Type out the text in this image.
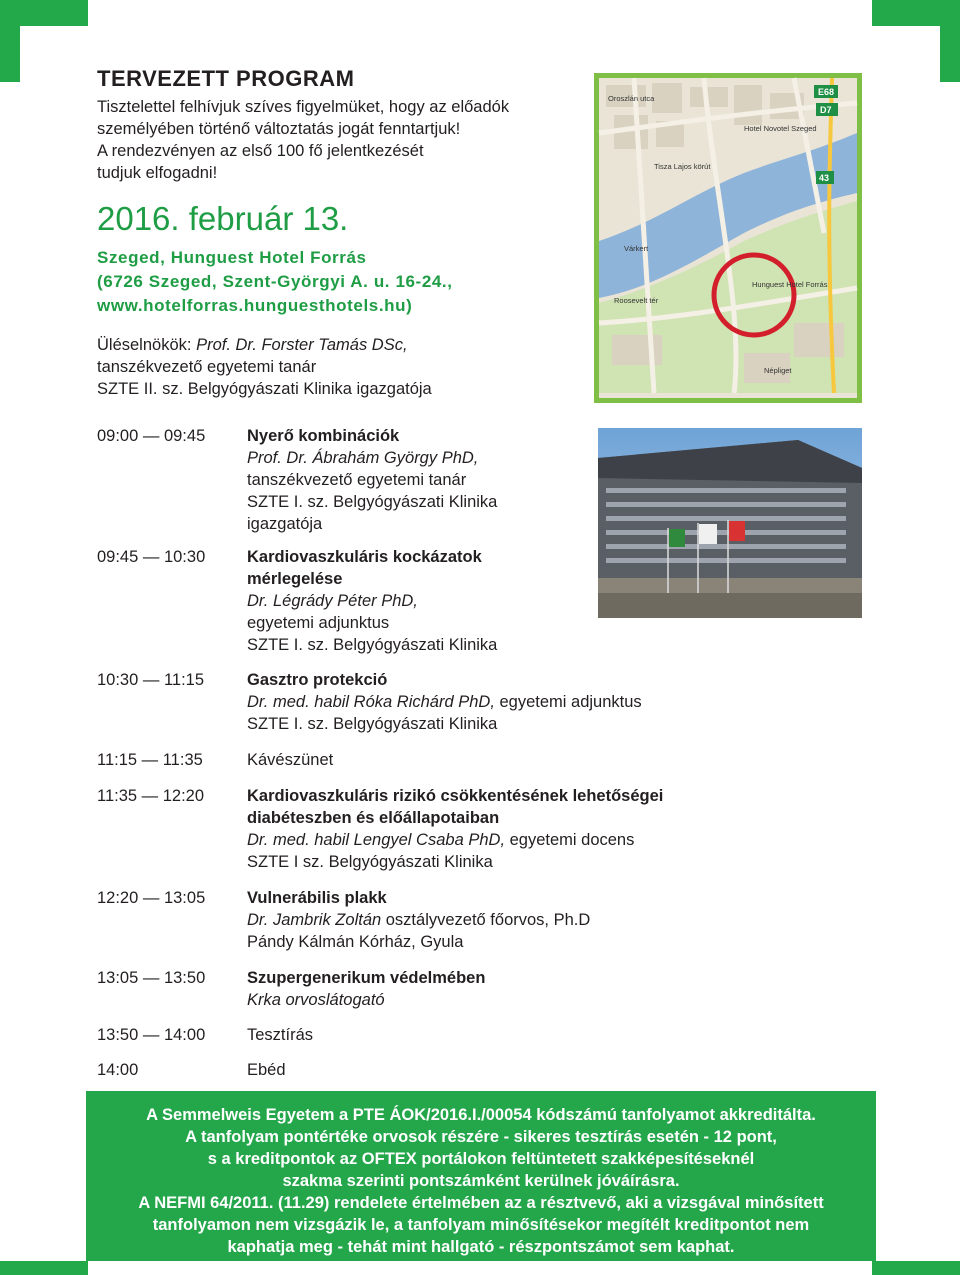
TERVEZETT PROGRAM
Tisztelettel felhívjuk szíves figyelmüket, hogy az előadók
személyében történő változtatás jogát fenntartjuk!
A rendezvényen az első 100 fő jelentkezését
tudjuk elfogadni!
2016. február 13.
Szeged, Hunguest Hotel Forrás
(6726 Szeged, Szent-Györgyi A. u. 16-24.,
www.hotelforras.hunguesthotels.hu)
Üléselnökök: Prof. Dr. Forster Tamás DSc,
tanszékvezető egyetemi tanár
SZTE II. sz. Belgyógyászati Klinika igazgatója
E68
D7
43
Hotel Novotel Szeged
Hunguest Hotel Forrás
Roosevelt tér
Várkert
Népliget
Tisza Lajos körút
Oroszlán utca
09:00 — 09:45	Nyerő kombinációk
Prof. Dr. Ábrahám György PhD,
tanszékvezető egyetemi tanár
SZTE I. sz. Belgyógyászati Klinika
igazgatója
09:45 — 10:30	Kardiovaszkuláris kockázatok
mérlegelése
Dr. Légrády Péter PhD,
egyetemi adjunktus
SZTE I. sz. Belgyógyászati Klinika
10:30 — 11:15	Gasztro protekció
Dr. med. habil Róka Richárd PhD, egyetemi adjunktus
SZTE I. sz. Belgyógyászati Klinika
11:15 — 11:35	Kávészünet
11:35 — 12:20	Kardiovaszkuláris rizikó csökkentésének lehetőségei
diabéteszben és előállapotaiban
Dr. med. habil Lengyel Csaba PhD, egyetemi docens
SZTE I sz. Belgyógyászati Klinika
12:20 — 13:05	Vulnerábilis plakk
Dr. Jambrik Zoltán osztályvezető főorvos, Ph.D
Pándy Kálmán Kórház, Gyula
13:05 — 13:50	Szupergenerikum védelmében
Krka orvoslátogató
13:50 — 14:00	Tesztírás
14:00	Ebéd
A Semmelweis Egyetem a PTE ÁOK/2016.I./00054 kódszámú tanfolyamot akkreditálta.
A tanfolyam pontértéke orvosok részére - sikeres tesztírás esetén - 12 pont,
s a kreditpontok az OFTEX portálokon feltüntetett szakképesítéseknél
szakma szerinti pontszámként kerülnek jóváírásra.
A NEFMI 64/2011. (11.29) rendelete értelmében az a résztvevő, aki a vizsgával minősített
tanfolyamon nem vizsgázik le, a tanfolyam minősítésekor megítélt kreditpontot nem
kaphatja meg - tehát mint hallgató - részpontszámot sem kaphat.
